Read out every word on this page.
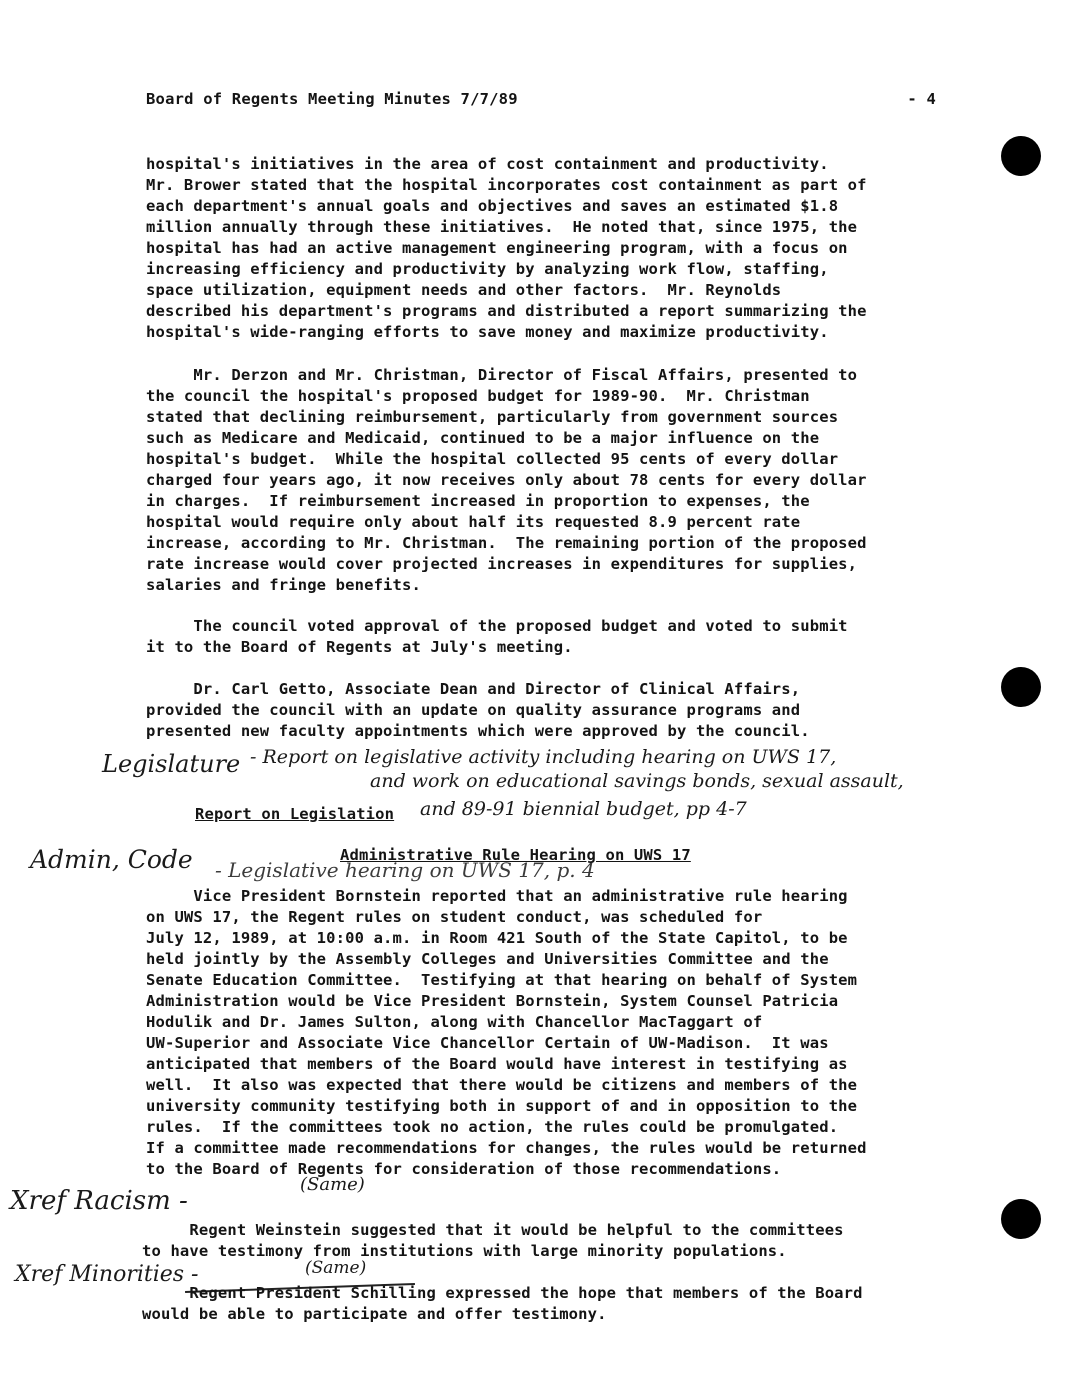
Board of Regents Meeting Minutes 7/7/89	- 4
hospital's initiatives in the area of cost containment and productivity.
Mr. Brower stated that the hospital incorporates cost containment as part of
each department's annual goals and objectives and saves an estimated $1.8
million annually through these initiatives.  He noted that, since 1975, the
hospital has had an active management engineering program, with a focus on
increasing efficiency and productivity by analyzing work flow, staffing,
space utilization, equipment needs and other factors.  Mr. Reynolds
described his department's programs and distributed a report summarizing the
hospital's wide-ranging efforts to save money and maximize productivity.
Mr. Derzon and Mr. Christman, Director of Fiscal Affairs, presented to
the council the hospital's proposed budget for 1989-90.  Mr. Christman
stated that declining reimbursement, particularly from government sources
such as Medicare and Medicaid, continued to be a major influence on the
hospital's budget.  While the hospital collected 95 cents of every dollar
charged four years ago, it now receives only about 78 cents for every dollar
in charges.  If reimbursement increased in proportion to expenses, the
hospital would require only about half its requested 8.9 percent rate
increase, according to Mr. Christman.  The remaining portion of the proposed
rate increase would cover projected increases in expenditures for supplies,
salaries and fringe benefits.
The council voted approval of the proposed budget and voted to submit
it to the Board of Regents at July's meeting.
Dr. Carl Getto, Associate Dean and Director of Clinical Affairs,
provided the council with an update on quality assurance programs and
presented new faculty appointments which were approved by the council.
Legislature - Report on legislative activity including hearing on UWS 17,
and work on educational savings bonds, sexual assault,
Report on Legislation and 89-91 biennial budget, pp 4-7
Admin, Code	Administrative Rule Hearing on UWS 17
- Legislative hearing on UWS 17, p. 4
Vice President Bornstein reported that an administrative rule hearing
on UWS 17, the Regent rules on student conduct, was scheduled for
July 12, 1989, at 10:00 a.m. in Room 421 South of the State Capitol, to be
held jointly by the Assembly Colleges and Universities Committee and the
Senate Education Committee.  Testifying at that hearing on behalf of System
Administration would be Vice President Bornstein, System Counsel Patricia
Hodulik and Dr. James Sulton, along with Chancellor MacTaggart of
UW-Superior and Associate Vice Chancellor Certain of UW-Madison.  It was
anticipated that members of the Board would have interest in testifying as
well.  It also was expected that there would be citizens and members of the
university community testifying both in support of and in opposition to the
rules.  If the committees took no action, the rules could be promulgated.
If a committee made recommendations for changes, the rules would be returned
to the Board of Regents for consideration of those recommendations.
Xref Racism -
(Same)
Regent Weinstein suggested that it would be helpful to the committees
to have testimony from institutions with large minority populations.
Xref Minorities -	(Same)
Regent President Schilling expressed the hope that members of the Board
would be able to participate and offer testimony.
